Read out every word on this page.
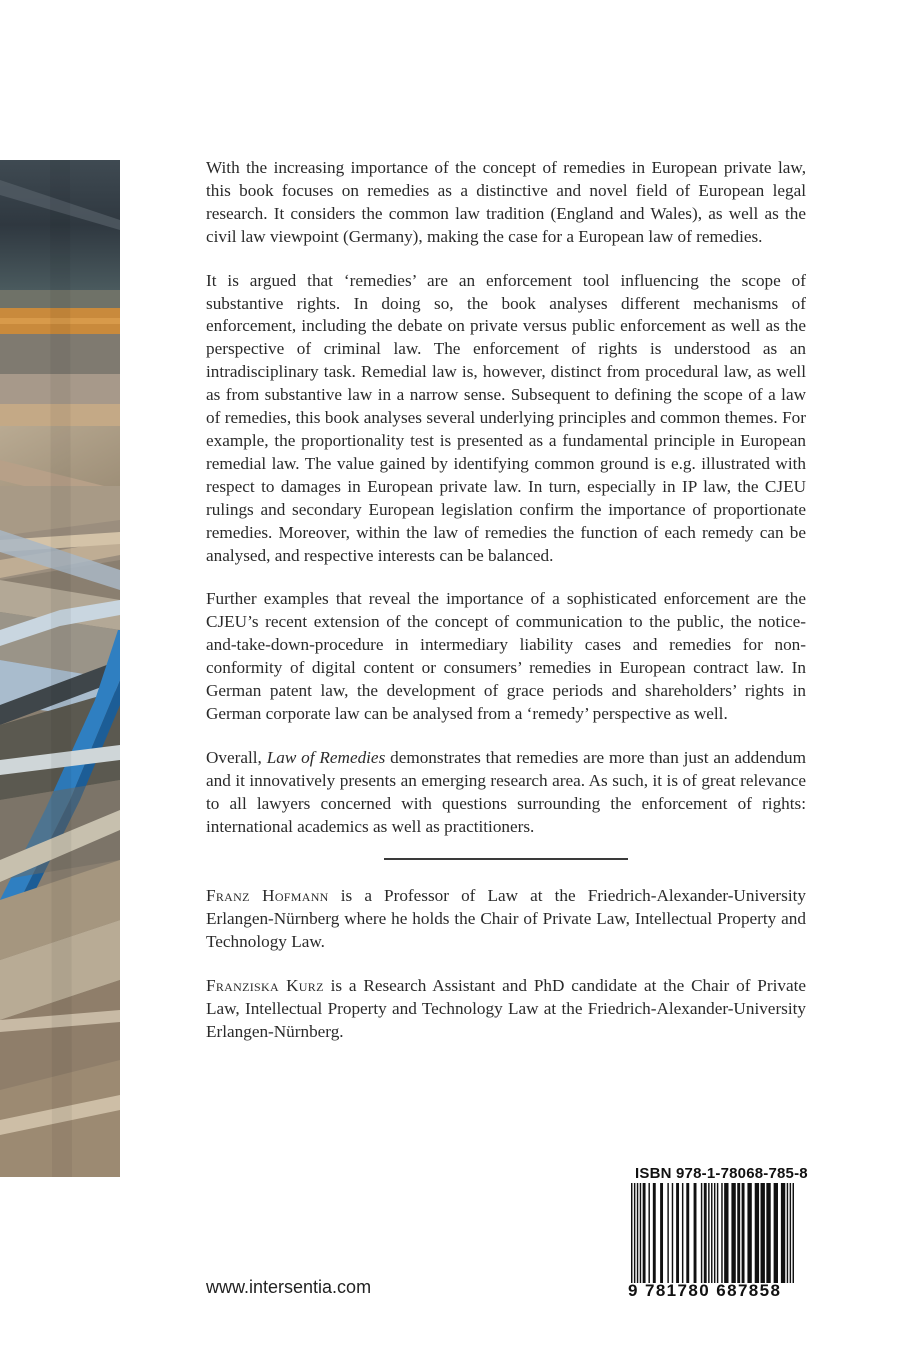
With the increasing importance of the concept of remedies in European private law, this book focuses on remedies as a distinctive and novel field of European legal research. It considers the common law tradition (England and Wales), as well as the civil law viewpoint (Germany), making the case for a European law of remedies.

It is argued that ‘remedies’ are an enforcement tool influencing the scope of substantive rights. In doing so, the book analyses different mechanisms of enforcement, including the debate on private versus public enforcement as well as the perspective of criminal law. The enforcement of rights is understood as an intradisciplinary task. Remedial law is, however, distinct from procedural law, as well as from substantive law in a narrow sense. Subsequent to defining the scope of a law of remedies, this book analyses several underlying principles and common themes. For example, the proportionality test is presented as a fundamental principle in European remedial law. The value gained by identifying common ground is e.g. illustrated with respect to damages in European private law. In turn, especially in IP law, the CJEU rulings and secondary European legislation confirm the importance of proportionate remedies. Moreover, within the law of remedies the function of each remedy can be analysed, and respective interests can be balanced.

Further examples that reveal the importance of a sophisticated enforcement are the CJEU’s recent extension of the concept of communication to the public, the notice-and-take-down-procedure in intermediary liability cases and remedies for non-conformity of digital content or consumers’ remedies in European contract law. In German patent law, the development of grace periods and shareholders’ rights in German corporate law can be analysed from a ‘remedy’ perspective as well.

Overall, Law of Remedies demonstrates that remedies are more than just an addendum and it innovatively presents an emerging research area. As such, it is of great relevance to all lawyers concerned with questions surrounding the enforcement of rights: international academics as well as practitioners.

Franz Hofmann is a Professor of Law at the Friedrich-Alexander-University Erlangen-Nürnberg where he holds the Chair of Private Law, Intellectual Property and Technology Law.

Franziska Kurz is a Research Assistant and PhD candidate at the Chair of Private Law, Intellectual Property and Technology Law at the Friedrich-Alexander-University Erlangen-Nürnberg.

ISBN 978-1-78068-785-8
9 781780 687858
www.intersentia.com
